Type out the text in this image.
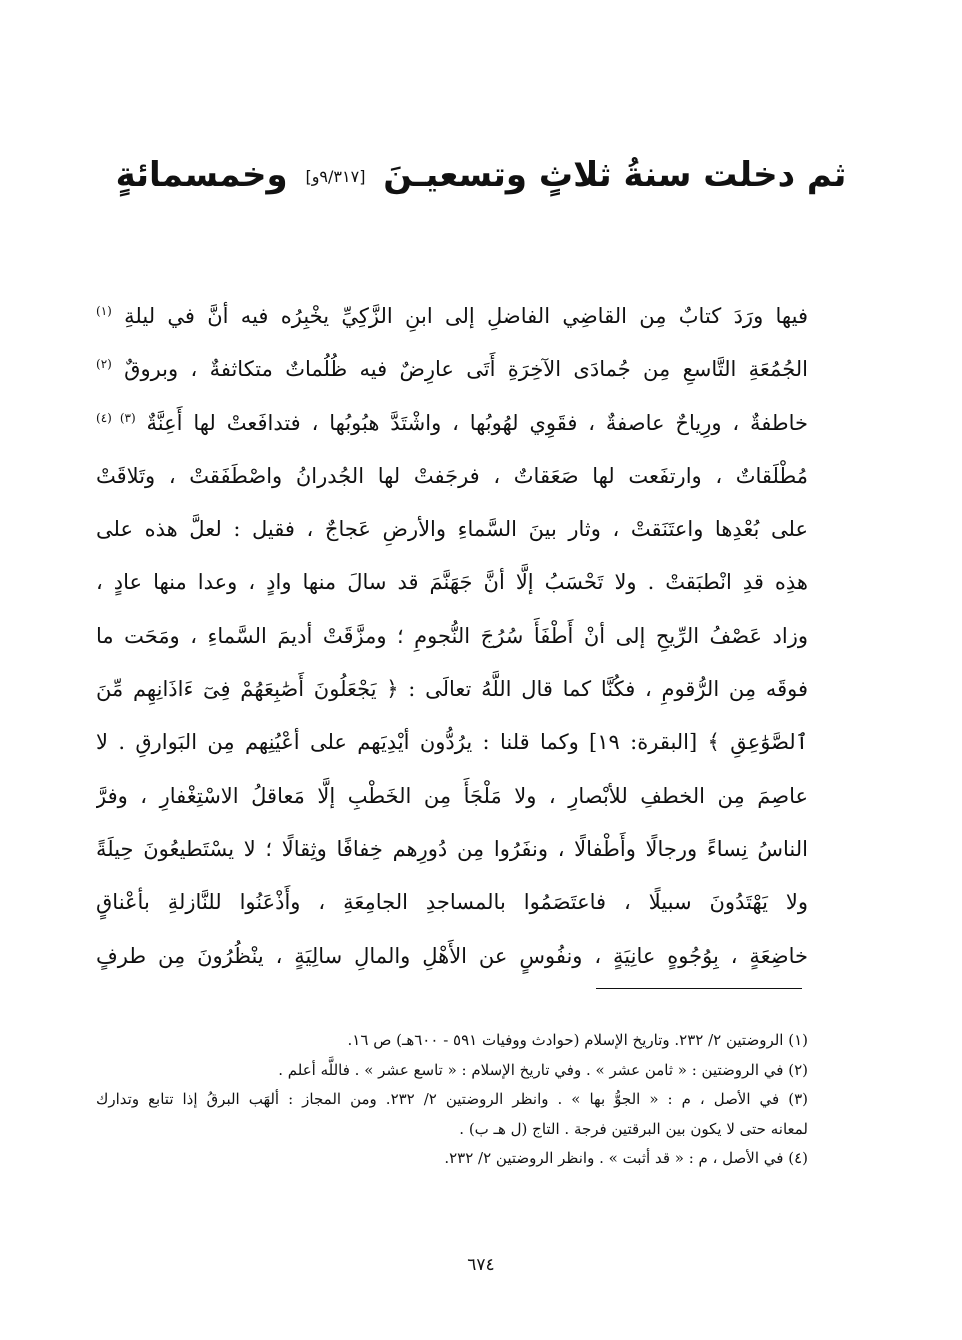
ثم دخلت سنةُ ثلاثٍ وتسعيـنَ [٩/٣١٧و] وخمسمائةٍ
فيها ورَدَ كتابٌ مِن القاضِي الفاضلِ إلى ابنِ الزَّكِيِّ يخْبِرُه فيه أنَّ في ليلةِ $^{(١)}$
الجُمُعَةِ التَّاسعِ مِن جُمادَى الآخِرَةِ أَتَى عارِضٌ فيه ظُلُماتٌ متكاثفةٌ ، وبروقٌ $^{(٢)}$
خاطفةٌ ، ورِياحٌ عاصفةٌ ، فقَوِي لهُوبُها ، واشْتَدَّ هبُوبُها ، فتدافَعتْ لها أَعِنَّةٌ $^{(٣) (٤)}$
مُطْلَقاتٌ ، وارتفَعت لها صَعَقاتٌ ، فرجَفتْ لها الجُدرانُ واصْطَفَقتْ ، وتَلاقَتْ
على بُعْدِها واعتَنَقتْ ، وثار بينَ السَّماءِ والأرضِ عَجاجٌ ، فقيل : لعلَّ هذه على
هذِه قدِ انْطبَقتْ . ولا تَحْسَبُ إلَّا أنَّ جَهَنَّمَ قد سالَ منها وادٍ ، وعدا منها عادٍ ،
وزاد عَصْفُ الرِّيحِ إلى أنْ أَطْفَأَ سُرُجَ النُّجومِ ؛ ومزَّقَتْ أديمَ السَّماءِ ، ومَحَت ما
فوقَه مِن الرُّقومِ ، فكُنَّا كما قال اللَّهُ تعالَى : ﴿ يَجْعَلُونَ أَصَٰبِعَهُمْ فِىٓ ءَاذَانِهِم مِّنَ
ٱلصَّوَٰعِقِ ﴾ [البقرة: ١٩] وكما قلنا : يرُدُّون أيْدِيَهم على أعْيُنِهم مِن البَوارقِ . لا
عاصِمَ مِن الخطفِ للأبْصارِ ، ولا مَلْجَأَ مِن الخَطْبِ إلَّا مَعاقلُ الاسْتِغْفارِ ، وفرَّ
الناسُ نِساءً ورجالًا وأَطْفالًا ، ونفَرُوا مِن دُورِهم خِفافًا وثِقالًا ؛ لا يسْتَطيعُونَ حِيلَةً
ولا يَهْتَدُونَ سبيلًا ، فاعتَصَمُوا بالمساجدِ الجامِعَةِ ، وأَذْعَنُوا للنَّازلةِ بأعْناقٍ
خاضِعَةٍ ، بِوُجُوهٍ عانِيَةٍ ، ونفُوسٍ عن الأَهْلِ والمالِ سالِيَةٍ ، ينْظُرُونَ مِن طرفٍ
(١) الروضتين ٢/ ٢٣٢. وتاريخ الإسلام (حوادث ووفيات ٥٩١ - ٦٠٠هـ) ص ١٦.
(٢) في الروضتين : « ثامن عشر » . وفي تاريخ الإسلام : « تاسع عشر » . فاللَّه أعلم .
(٣) في الأصل ، م : « الجوُّ بها » . وانظر الروضتين ٢/ ٢٣٢. ومن المجاز : ألهَب البرقُ إذا تتابع وتدارك
لمعانه حتى لا يكون بين البرقتين فرجة . التاج (ل هـ ب) .
(٤) في الأصل ، م : « قد أثبت » . وانظر الروضتين ٢/ ٢٣٢.
٦٧٤
